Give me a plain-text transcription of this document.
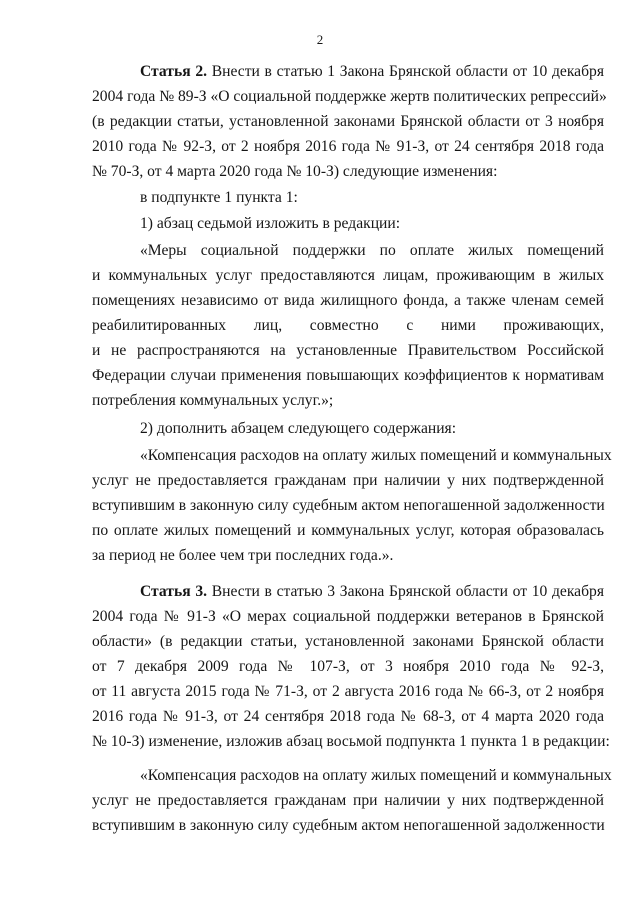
2
Статья 2. Внести в статью 1 Закона Брянской области от 10 декабря
2004 года № 89-З «О социальной поддержке жертв политических репрессий»
(в редакции статьи, установленной законами Брянской области от 3 ноября
2010 года № 92-З, от 2 ноября 2016 года № 91-З, от 24 сентября 2018 года
№ 70-З, от 4 марта 2020 года № 10-З) следующие изменения:
в подпункте 1 пункта 1:
1) абзац седьмой изложить в редакции:
«Меры социальной поддержки по оплате жилых помещений
и коммунальных услуг предоставляются лицам, проживающим в жилых
помещениях независимо от вида жилищного фонда, а также членам семей
реабилитированных лиц, совместно с ними проживающих,
и не распространяются на установленные Правительством Российской
Федерации случаи применения повышающих коэффициентов к нормативам
потребления коммунальных услуг.»;
2) дополнить абзацем следующего содержания:
«Компенсация расходов на оплату жилых помещений и коммунальных
услуг не предоставляется гражданам при наличии у них подтвержденной
вступившим в законную силу судебным актом непогашенной задолженности
по оплате жилых помещений и коммунальных услуг, которая образовалась
за период не более чем три последних года.».
Статья 3. Внести в статью 3 Закона Брянской области от 10 декабря
2004 года № 91-З «О мерах социальной поддержки ветеранов в Брянской
области» (в редакции статьи, установленной законами Брянской области
от 7 декабря 2009 года № 107-З, от 3 ноября 2010 года № 92-З,
от 11 августа 2015 года № 71-З, от 2 августа 2016 года № 66-З, от 2 ноября
2016 года № 91-З, от 24 сентября 2018 года № 68-З, от 4 марта 2020 года
№ 10-З) изменение, изложив абзац восьмой подпункта 1 пункта 1 в редакции:
«Компенсация расходов на оплату жилых помещений и коммунальных
услуг не предоставляется гражданам при наличии у них подтвержденной
вступившим в законную силу судебным актом непогашенной задолженности
